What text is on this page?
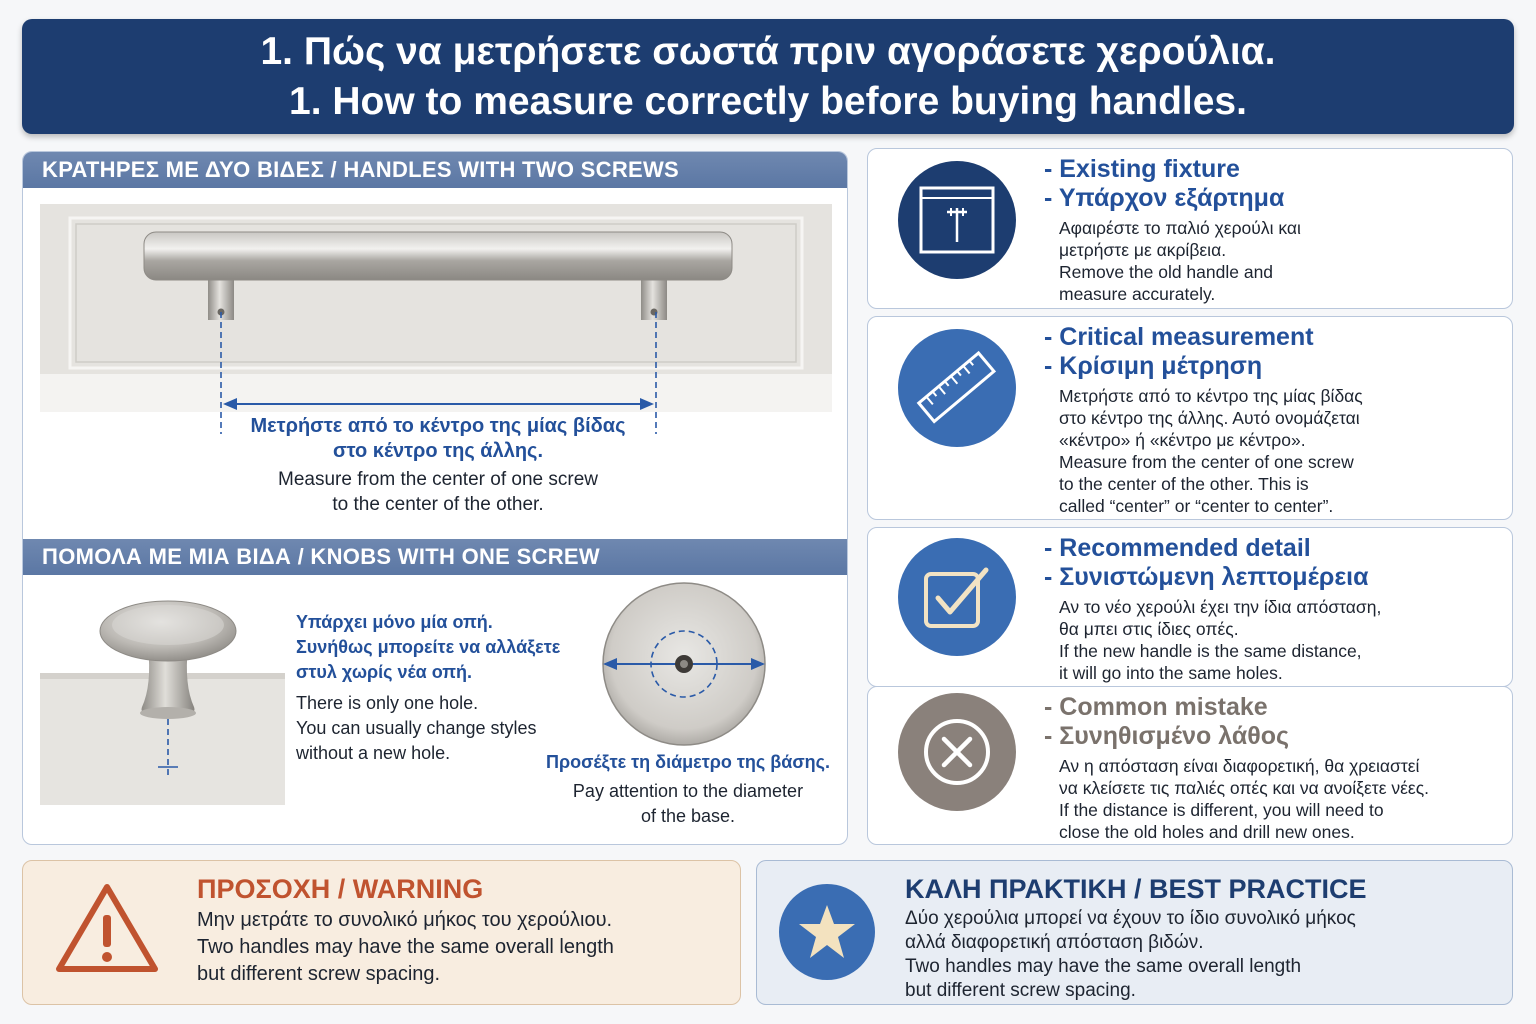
1. Πώς να μετρήσετε σωστά πριν αγοράσετε χερούλια.
1. How to measure correctly before buying handles.
ΚΡΑΤΗΡΕΣ ΜΕ ΔΥΟ ΒΙΔΕΣ / HANDLES WITH TWO SCREWS
Μετρήστε από το κέντρο της μίας βίδας
στο κέντρο της άλλης.
Measure from the center of one screw
to the center of the other.
ΠΟΜΟΛΑ ΜΕ ΜΙΑ ΒΙΔΑ / KNOBS WITH ONE SCREW
Υπάρχει μόνο μία οπή.
Συνήθως μπορείτε να αλλάξετε
στυλ χωρίς νέα οπή.
There is only one hole.
You can usually change styles
without a new hole.	Προσέξτε τη διάμετρο της βάσης.
Pay attention to the diameter
of the base.
- Existing fixture
- Υπάρχον εξάρτημα
Αφαιρέστε το παλιό χερούλι και
μετρήστε με ακρίβεια.
Remove the old handle and
measure accurately.
- Critical measurement
- Κρίσιμη μέτρηση
Μετρήστε από το κέντρο της μίας βίδας
στο κέντρο της άλλης. Αυτό ονομάζεται
«κέντρο» ή «κέντρο με κέντρο».
Measure from the center of one screw
to the center of the other. This is
called “center” or “center to center”.
- Recommended detail
- Συνιστώμενη λεπτομέρεια
Αν το νέο χερούλι έχει την ίδια απόσταση,
θα μπει στις ίδιες οπές.
If the new handle is the same distance,
it will go into the same holes.
- Common mistake
- Συνηθισμένο λάθος
Αν η απόσταση είναι διαφορετική, θα χρειαστεί
να κλείσετε τις παλιές οπές και να ανοίξετε νέες.
If the distance is different, you will need to
close the old holes and drill new ones.
ΠΡΟΣΟΧΗ / WARNING
Μην μετράτε το συνολικό μήκος του χερούλιου.
Two handles may have the same overall length
but different screw spacing.
ΚΑΛΗ ΠΡΑΚΤΙΚΗ / BEST PRACTICE
Δύο χερούλια μπορεί να έχουν το ίδιο συνολικό μήκος
αλλά διαφορετική απόσταση βιδών.
Two handles may have the same overall length
but different screw spacing.
